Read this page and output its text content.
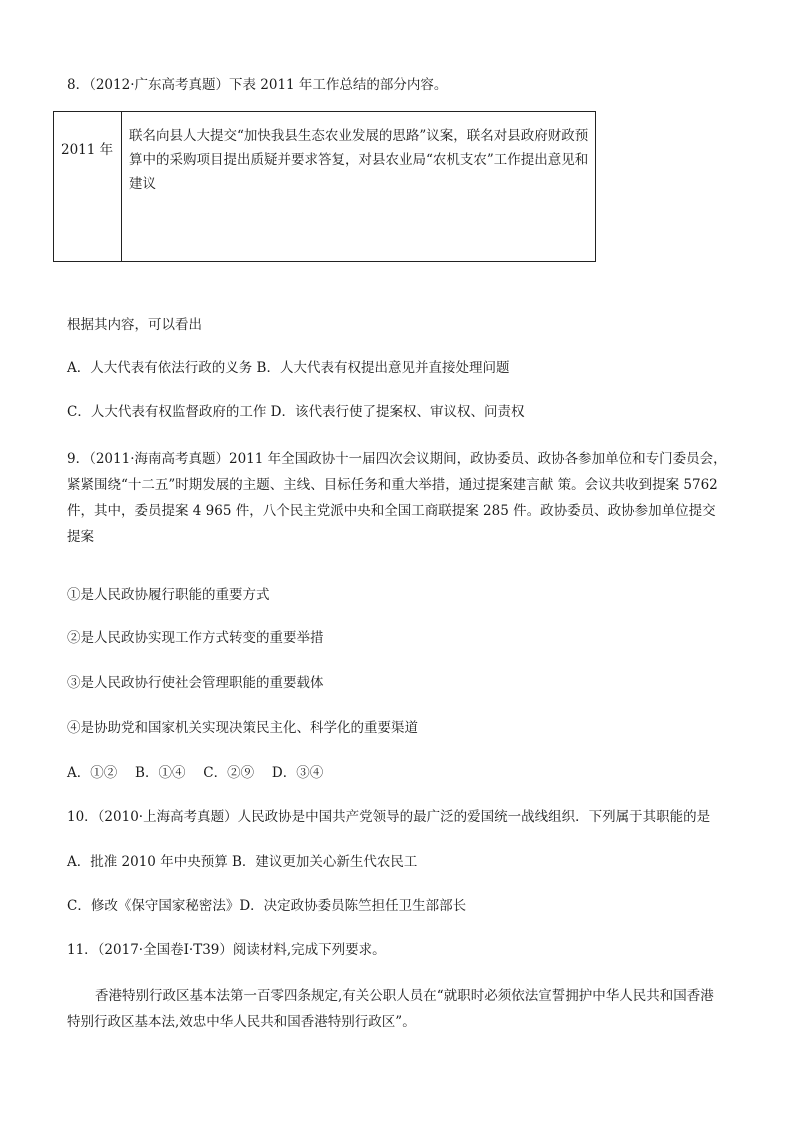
8．（2012·广东高考真题）下表 2011 年工作总结的部分内容。
2011 年	联名向县人大提交“加快我县生态农业发展的思路”议案，联名对县政府财政预算中的采购项目提出质疑并要求答复，对县农业局“农机支农”工作提出意见和建议
根据其内容，可以看出
A．人大代表有依法行政的义务 B．人大代表有权提出意见并直接处理问题
C．人大代表有权监督政府的工作 D．该代表行使了提案权、审议权、问责权
9．（2011·海南高考真题）2011 年全国政协十一届四次会议期间，政协委员、政协各参加单位和专门委员会，紧紧围绕“十二五”时期发展的主题、主线、目标任务和重大举措，通过提案建言献 策。会议共收到提案 5762 件，其中，委员提案 4 965 件，八个民主党派中央和全国工商联提案 285 件。政协委员、政协参加单位提交提案
①是人民政协履行职能的重要方式
②是人民政协实现工作方式转变的重要举措
③是人民政协行使社会管理职能的重要载体
④是协助党和国家机关实现决策民主化、科学化的重要渠道
A．①②　 B．①④　 C．②⑨　 D．③④
10．（2010·上海高考真题）人民政协是中国共产党领导的最广泛的爱国统一战线组织．下列属于其职能的是
A．批准 2010 年中央预算 B．建议更加关心新生代农民工
C．修改《保守国家秘密法》D．决定政协委员陈竺担任卫生部部长
11．（2017·全国卷Ⅰ·T39）阅读材料,完成下列要求。
香港特别行政区基本法第一百零四条规定,有关公职人员在“就职时必须依法宣誓拥护中华人民共和国香港特别行政区基本法,效忠中华人民共和国香港特别行政区”。
